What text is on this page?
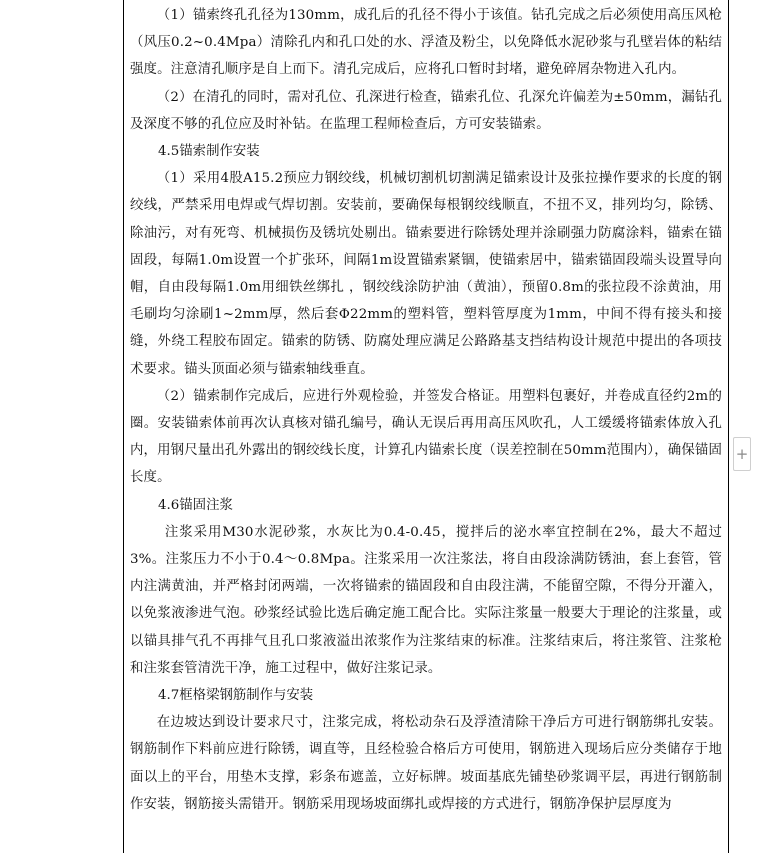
（1）锚索终孔孔径为130mm，成孔后的孔径不得小于该值。钻孔完成之后必须使用高压风枪（风压0.2~0.4Mpa）清除孔内和孔口处的水、浮渣及粉尘，以免降低水泥砂浆与孔壁岩体的粘结强度。注意清孔顺序是自上而下。清孔完成后，应将孔口暂时封堵，避免碎屑杂物进入孔内。

（2）在清孔的同时，需对孔位、孔深进行检查，锚索孔位、孔深允许偏差为±50mm，漏钻孔及深度不够的孔位应及时补钻。在监理工程师检查后，方可安装锚索。

4.5锚索制作安装

（1）采用4股A15.2预应力钢绞线，机械切割机切割满足锚索设计及张拉操作要求的长度的钢绞线，严禁采用电焊或气焊切割。安装前，要确保每根钢绞线顺直，不扭不叉，排列均匀，除锈、除油污，对有死弯、机械损伤及锈坑处剔出。锚索要进行除锈处理并涂刷强力防腐涂料，锚索在锚固段，每隔1.0m设置一个扩张环，间隔1m设置锚索紧锢，使锚索居中，锚索锚固段端头设置导向帽，自由段每隔1.0m用细铁丝绑扎 ，钢绞线涂防护油（黄油），预留0.8m的张拉段不涂黄油，用毛刷均匀涂刷1~2mm厚，然后套Φ22mm的塑料管，塑料管厚度为1mm，中间不得有接头和接缝，外绕工程胶布固定。锚索的防锈、防腐处理应满足公路路基支挡结构设计规范中提出的各项技术要求。锚头顶面必须与锚索轴线垂直。

（2）锚索制作完成后，应进行外观检验，并签发合格证。用塑料包裹好，并卷成直径约2m的圈。安装锚索体前再次认真核对锚孔编号，确认无误后再用高压风吹孔，人工缓缓将锚索体放入孔内，用钢尺量出孔外露出的钢绞线长度，计算孔内锚索长度（误差控制在50mm范围内），确保锚固长度。

4.6锚固注浆

注浆采用M30水泥砂浆，水灰比为0.4-0.45，搅拌后的泌水率宜控制在2%，最大不超过3%。注浆压力不小于0.4～0.8Mpa。注浆采用一次注浆法，将自由段涂满防锈油，套上套管，管内注满黄油，并严格封闭两端，一次将锚索的锚固段和自由段注满，不能留空隙，不得分开灌入，以免浆液渗进气泡。砂浆经试验比选后确定施工配合比。实际注浆量一般要大于理论的注浆量，或以锚具排气孔不再排气且孔口浆液溢出浓浆作为注浆结束的标准。注浆结束后，将注浆管、注浆枪和注浆套管清洗干净，施工过程中，做好注浆记录。

4.7框格梁钢筋制作与安装

在边坡达到设计要求尺寸，注浆完成，将松动杂石及浮渣清除干净后方可进行钢筋绑扎安装。钢筋制作下料前应进行除锈，调直等，且经检验合格后方可使用，钢筋进入现场后应分类储存于地面以上的平台，用垫木支撑，彩条布遮盖，立好标牌。坡面基底先铺垫砂浆调平层，再进行钢筋制作安装，钢筋接头需错开。钢筋采用现场坡面绑扎或焊接的方式进行，钢筋净保护层厚度为

+
